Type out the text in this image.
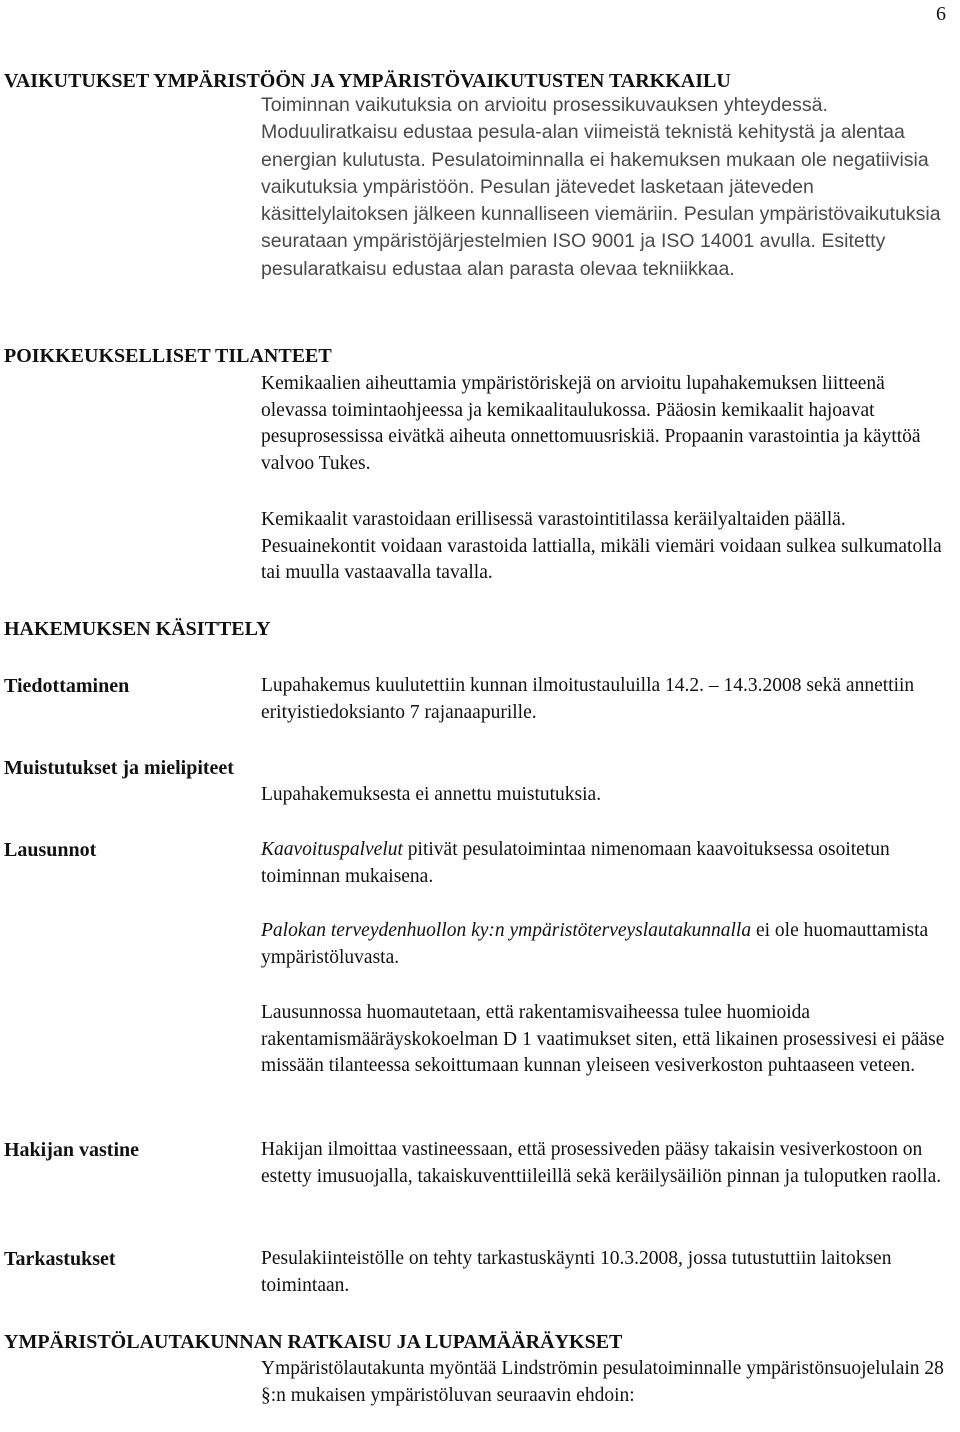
6
VAIKUTUKSET YMPÄRISTÖÖN JA YMPÄRISTÖVAIKUTUSTEN TARKKAILU
Toiminnan vaikutuksia on arvioitu prosessikuvauksen yhteydessä. Moduuliratkaisu edustaa pesula-alan viimeistä teknistä kehitystä ja alentaa energian kulutusta. Pesulatoiminnalla ei hakemuksen mukaan ole negatiivisia vaikutuksia ympäristöön. Pesulan jätevedet lasketaan jäteveden käsittelylaitoksen jälkeen kunnalliseen viemäriin. Pesulan ympäristövaikutuksia seurataan ympäristöjärjestelmien ISO 9001 ja ISO 14001 avulla. Esitetty pesularatkaisu edustaa alan parasta olevaa tekniikkaa.
POIKKEUKSELLISET TILANTEET
Kemikaalien aiheuttamia ympäristöriskejä on arvioitu lupahakemuksen liitteenä olevassa toimintaohjeessa ja kemikaalitaulukossa. Pääosin kemikaalit hajoavat pesuprosessissa eivätkä aiheuta onnettomuusriskiä. Propaanin varastointia ja käyttöä valvoo Tukes.
Kemikaalit varastoidaan erillisessä varastointitilassa keräilyaltaiden päällä. Pesuainekontit voidaan varastoida lattialla, mikäli viemäri voidaan sulkea sulkumatolla tai muulla vastaavalla tavalla.
HAKEMUKSEN KÄSITTELY
Tiedottaminen	Lupahakemus kuulutettiin kunnan ilmoitustauluilla 14.2. – 14.3.2008 sekä annettiin erityistiedoksianto 7 rajanaapurille.
Muistutukset ja mielipiteet
Lupahakemuksesta ei annettu muistutuksia.
Lausunnot	Kaavoituspalvelut pitivät pesulatoimintaa nimenomaan kaavoituksessa osoitetun toiminnan mukaisena.
Palokan terveydenhuollon ky:n ympäristöterveyslautakunnalla ei ole huomauttamista ympäristöluvasta.
Lausunnossa huomautetaan, että rakentamisvaiheessa tulee huomioida rakentamismääräyskokoelman D 1 vaatimukset siten, että likainen prosessivesi ei pääse missään tilanteessa sekoittumaan kunnan yleiseen vesiverkoston puhtaaseen veteen.
Hakijan vastine	Hakijan ilmoittaa vastineessaan, että prosessiveden pääsy takaisin vesiverkostoon on estetty imusuojalla, takaiskuventtiileillä sekä keräilysäiliön pinnan ja tuloputken raolla.
Tarkastukset	Pesulakiinteistölle on tehty tarkastuskäynti 10.3.2008, jossa tutustuttiin laitoksen toimintaan.
YMPÄRISTÖLAUTAKUNNAN RATKAISU JA LUPAMÄÄRÄYKSET
Ympäristölautakunta myöntää Lindströmin pesulatoiminnalle ympäristönsuojelulain 28 §:n mukaisen ympäristöluvan seuraavin ehdoin:
